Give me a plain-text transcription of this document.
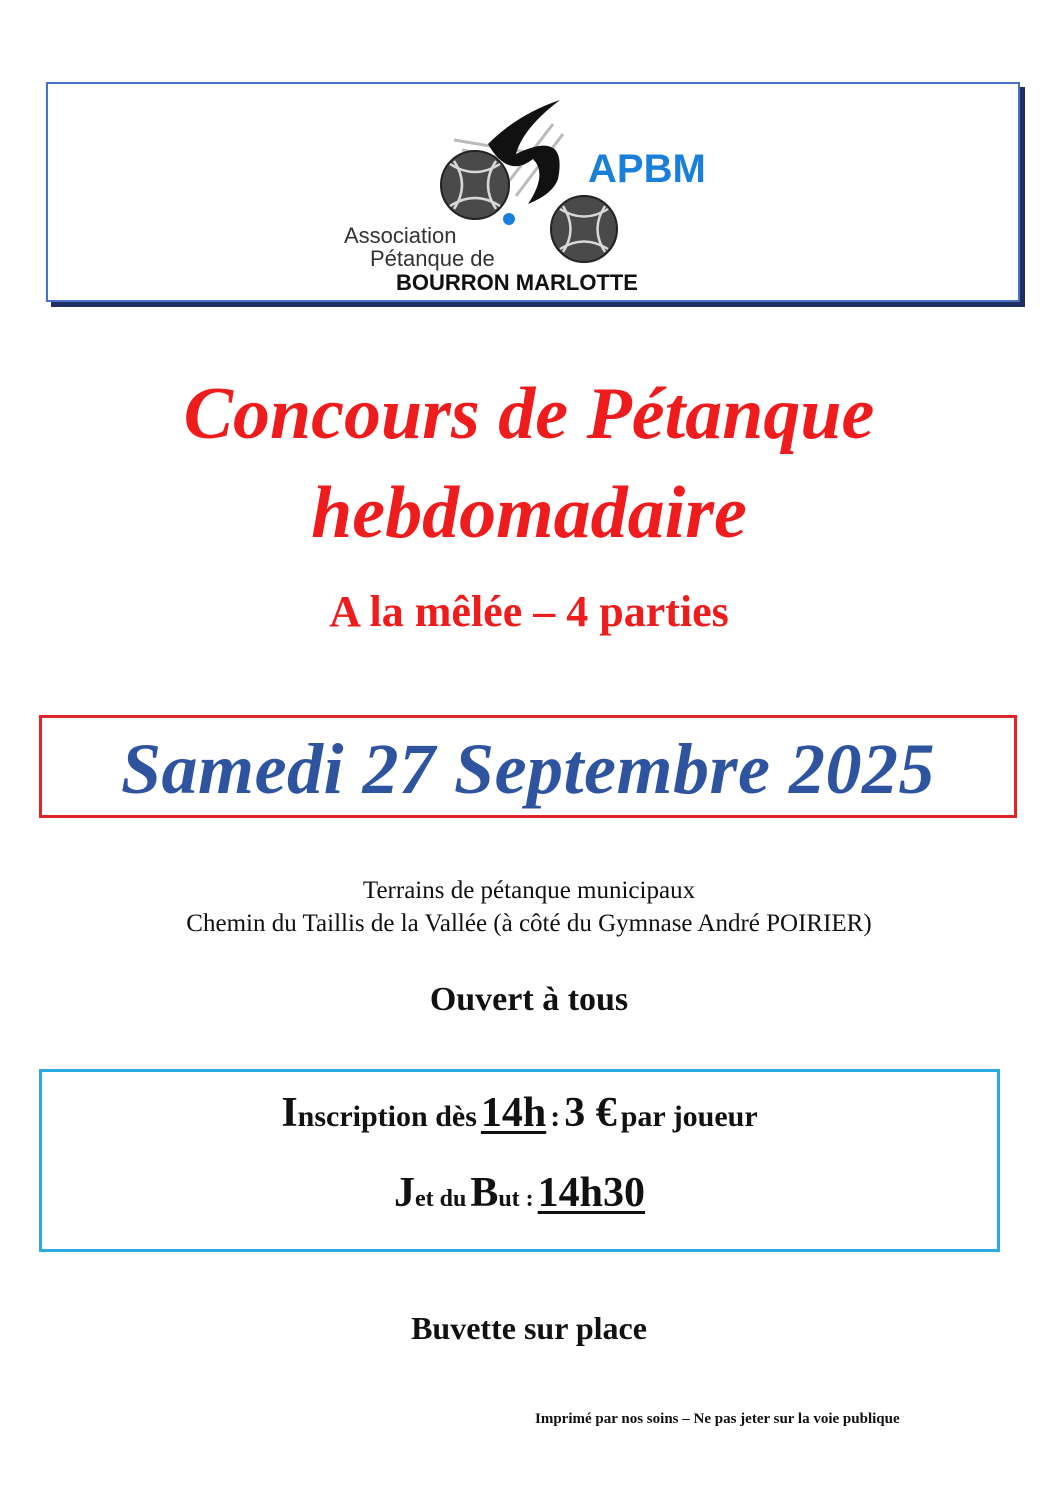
APBM
Association
Pétanque de
BOURRON MARLOTTE
Concours de Pétanque
hebdomadaire
A la mêlée – 4 parties
Samedi 27 Septembre 2025
Terrains de pétanque municipaux
Chemin du Taillis de la Vallée (à côté du Gymnase André POIRIER)
Ouvert à tous
Inscription dès 14h : 3 € par joueur
Jet du But : 14h30
Buvette sur place
Imprimé par nos soins – Ne pas jeter sur la voie publique
